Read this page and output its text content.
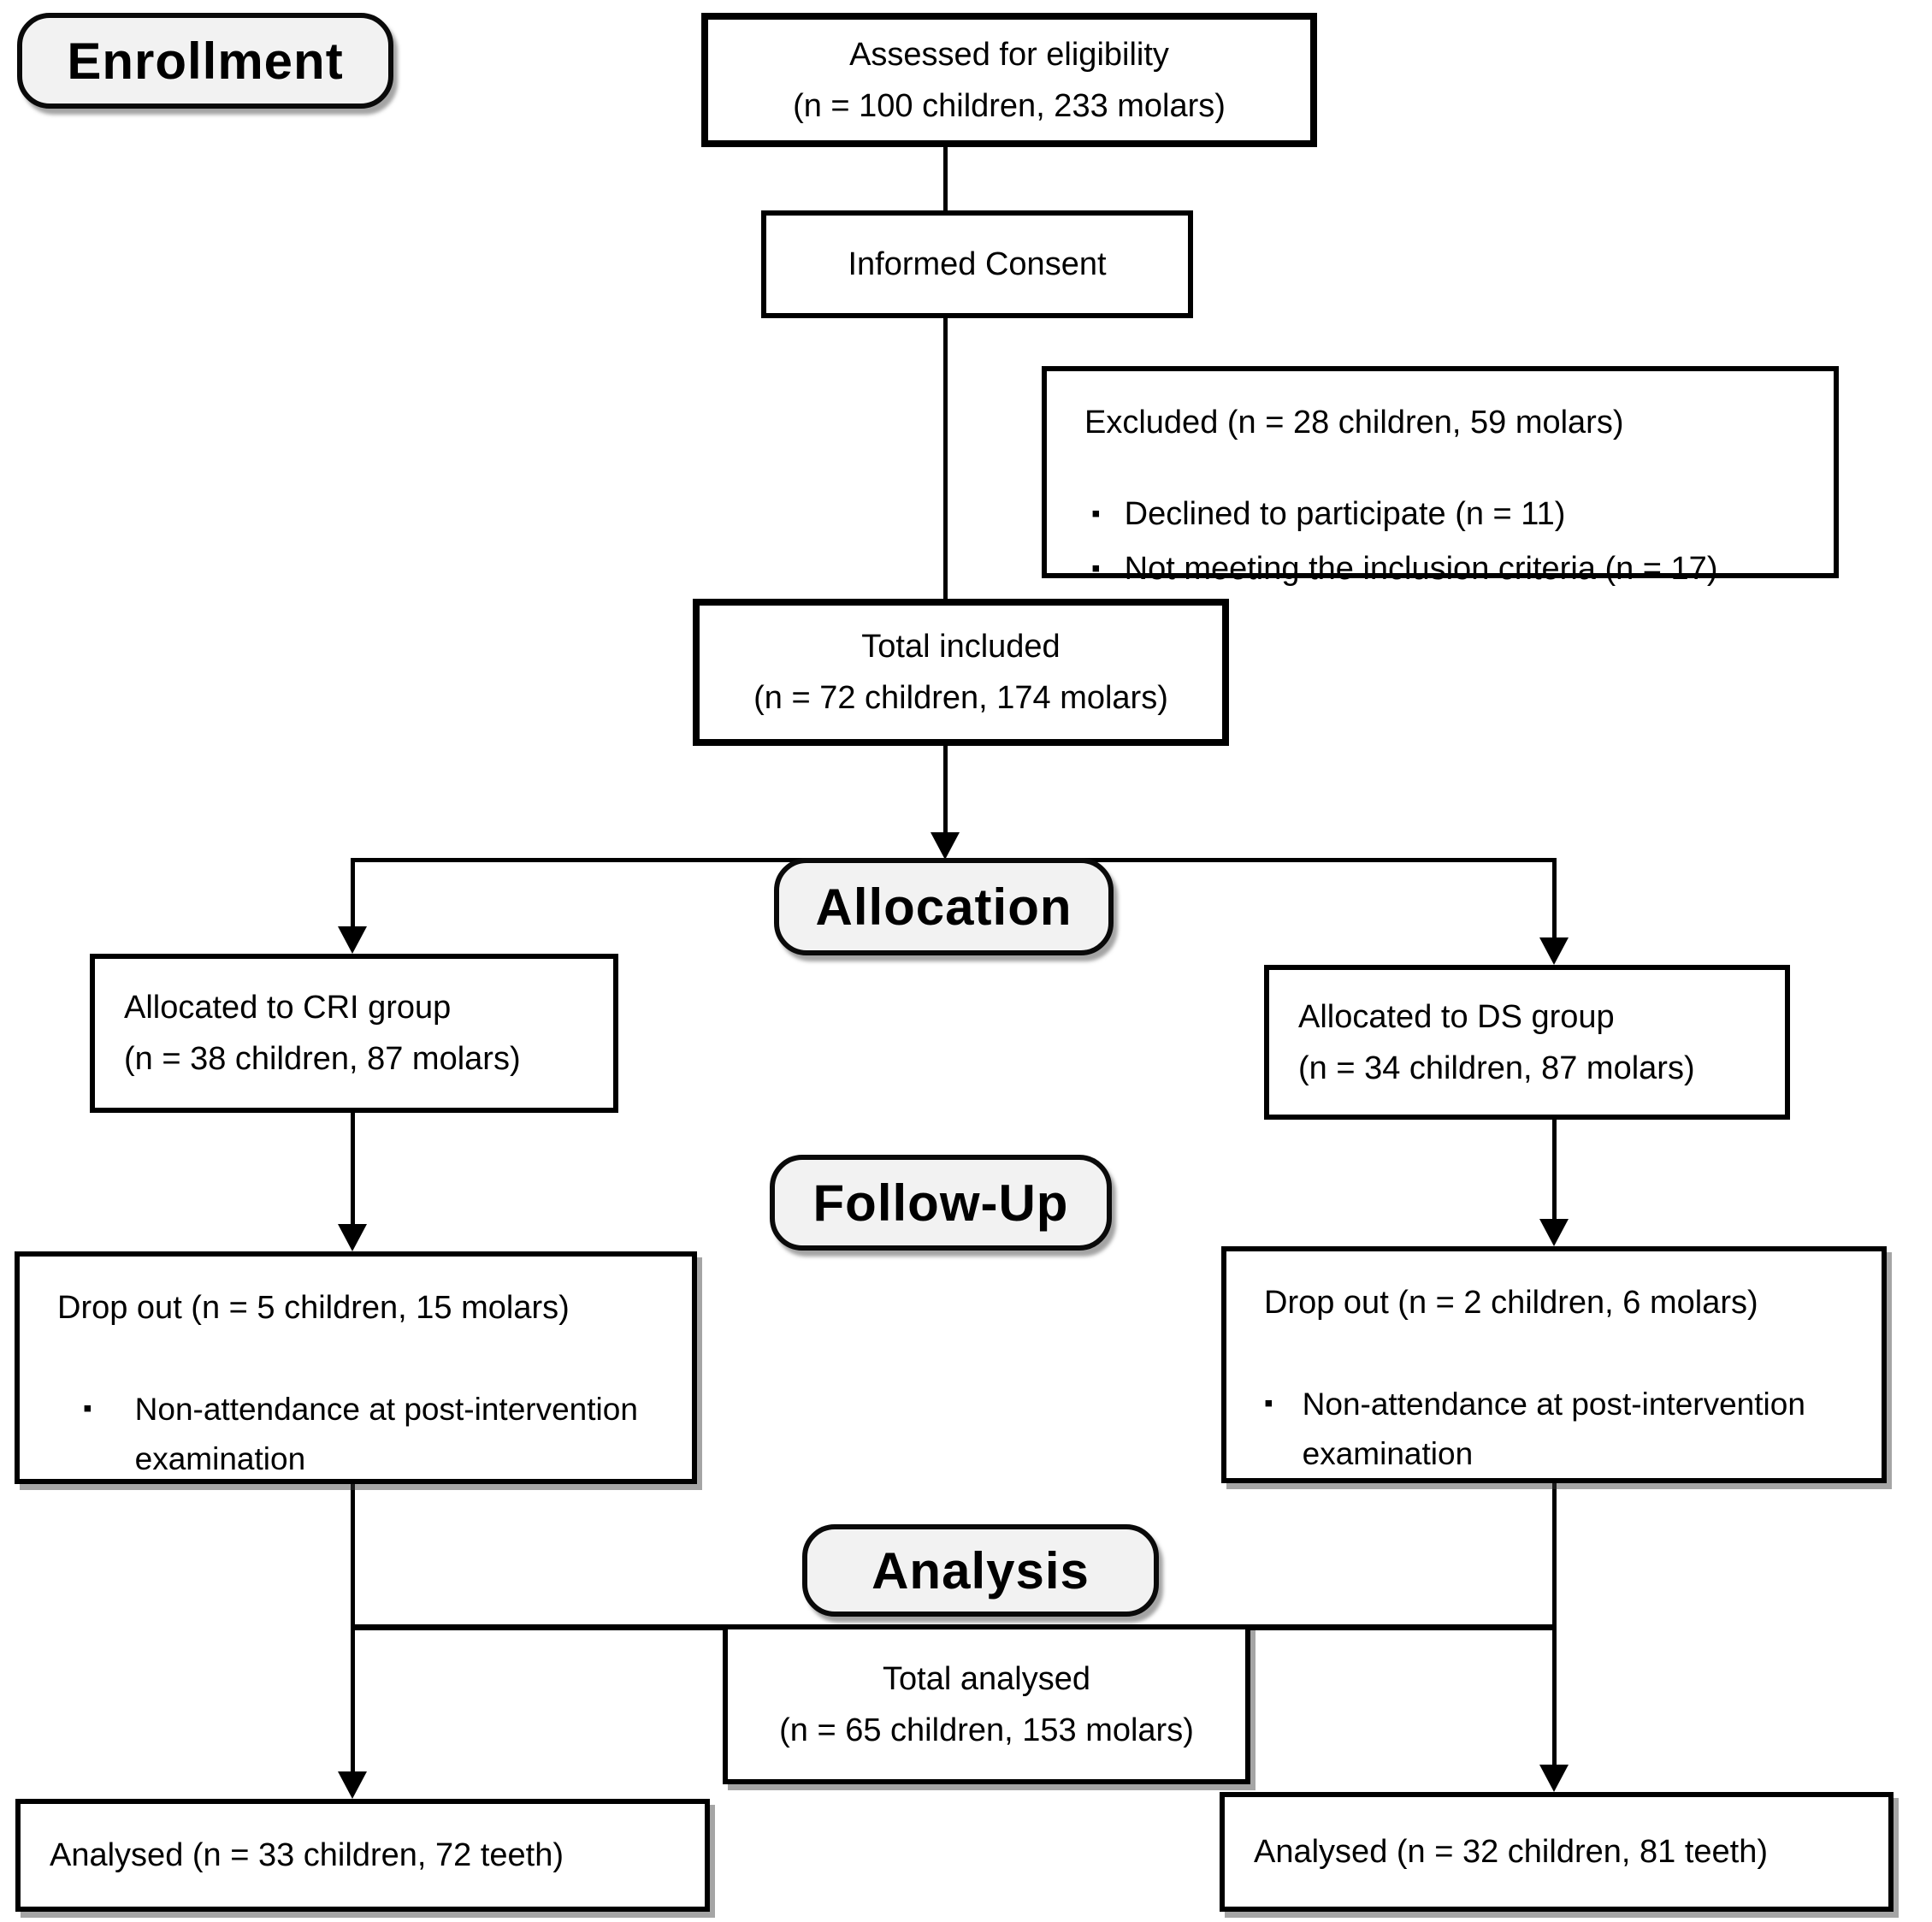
Enrollment
Allocation
Follow-Up
Analysis
Assessed for eligibility
(n = 100 children, 233 molars)
Informed Consent
Excluded (n = 28 children, 59 molars)
▪ Declined to participate (n = 11)
▪ Not meeting the inclusion criteria (n = 17)
Total included
(n = 72 children, 174 molars)
Allocated to CRI group
(n = 38 children, 87 molars)
Allocated to DS group
(n = 34 children, 87 molars)
Drop out (n = 5 children, 15 molars)
▪ Non-attendance at post-intervention examination
Drop out (n = 2 children, 6 molars)
▪ Non-attendance at post-intervention examination
Total analysed
(n = 65 children, 153 molars)
Analysed (n = 33 children, 72 teeth)	Analysed (n = 32 children, 81 teeth)
